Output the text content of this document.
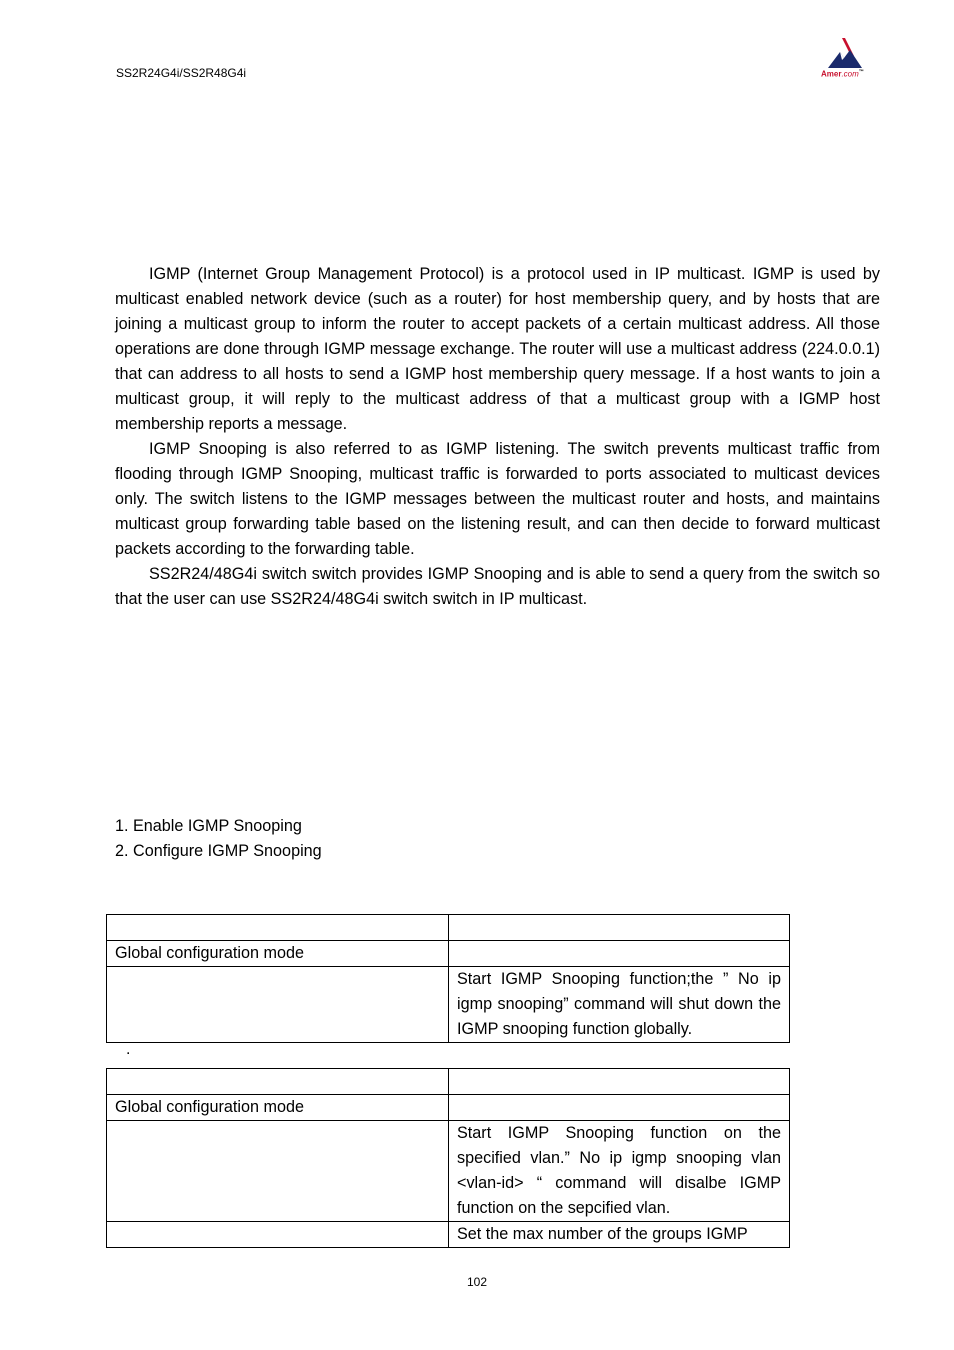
SS2R24G4i/SS2R48G4i	Amer.com™

IGMP (Internet Group Management Protocol) is a protocol used in IP multicast. IGMP is used by multicast enabled network device (such as a router) for host membership query, and by hosts that are joining a multicast group to inform the router to accept packets of a certain multicast address. All those operations are done through IGMP message exchange. The router will use a multicast address (224.0.0.1) that can address to all hosts to send a IGMP host membership query message. If a host wants to join a multicast group, it will reply to the multicast address of that a multicast group with a IGMP host membership reports a message.

IGMP Snooping is also referred to as IGMP listening. The switch prevents multicast traffic from flooding through IGMP Snooping, multicast traffic is forwarded to ports associated to multicast devices only. The switch listens to the IGMP messages between the multicast router and hosts, and maintains multicast group forwarding table based on the listening result, and can then decide to forward multicast packets according to the forwarding table.

SS2R24/48G4i switch switch provides IGMP Snooping and is able to send a query from the switch so that the user can use SS2R24/48G4i switch switch in IP multicast.

1. Enable IGMP Snooping
2. Configure IGMP Snooping

Global configuration mode	
	Start IGMP Snooping function;the ” No ip igmp snooping” command will shut down the IGMP snooping function globally.
.

Global configuration mode	
	Start IGMP Snooping function on the specified vlan.” No ip igmp snooping vlan <vlan-id> “ command will disalbe IGMP function on the sepcified vlan.
	Set the max number of the groups IGMP
102
